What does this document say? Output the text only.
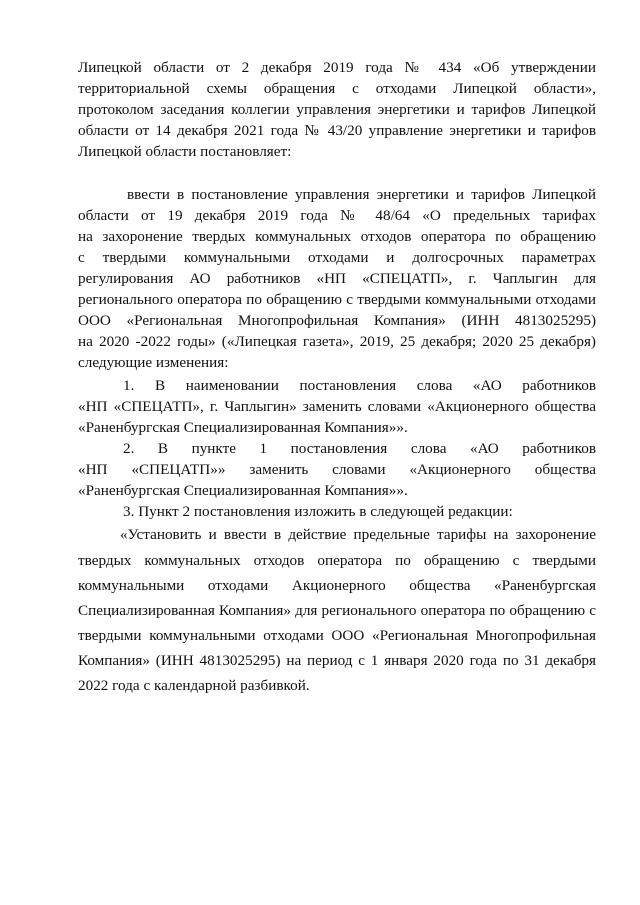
Липецкой области от 2 декабря 2019 года № 434 «Об утверждении
территориальной схемы обращения с отходами Липецкой области»,
протоколом заседания коллегии управления энергетики и тарифов Липецкой
области от 14 декабря 2021 года № 43/20 управление энергетики и тарифов
Липецкой области постановляет:
ввести в постановление управления энергетики и тарифов Липецкой
области от 19 декабря 2019 года № 48/64 «О предельных тарифах
на захоронение твердых коммунальных отходов оператора по обращению
с твердыми коммунальными отходами и долгосрочных параметрах
регулирования АО работников «НП «СПЕЦАТП», г. Чаплыгин для
регионального оператора по обращению с твердыми коммунальными отходами
ООО «Региональная Многопрофильная Компания» (ИНН 4813025295)
на 2020 -2022 годы» («Липецкая газета», 2019, 25 декабря; 2020 25 декабря)
следующие изменения:
1. В наименовании постановления слова «АО работников
«НП «СПЕЦАТП», г. Чаплыгин» заменить словами «Акционерного общества
«Раненбургская Специализированная Компания»».
2. В пункте 1 постановления слова «АО работников
«НП «СПЕЦАТП»» заменить словами «Акционерного общества
«Раненбургская Специализированная Компания»».
3. Пункт 2 постановления изложить в следующей редакции:
«Установить и ввести в действие предельные тарифы на захоронение
твердых коммунальных отходов оператора по обращению с твердыми
коммунальными отходами Акционерного общества «Раненбургская
Специализированная Компания» для регионального оператора по обращению с
твердыми коммунальными отходами ООО «Региональная Многопрофильная
Компания» (ИНН 4813025295) на период с 1 января 2020 года по 31 декабря
2022 года с календарной разбивкой.
